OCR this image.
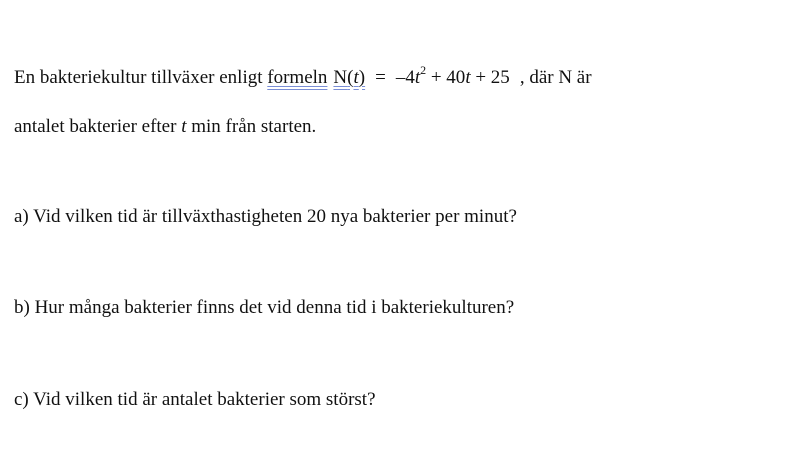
En bakteriekultur tillväxer enligt formeln $N(t) = -4t^2 + 40t + 25$ , där N är
antalet bakterier efter t min från starten.
a) Vid vilken tid är tillväxthastigheten 20 nya bakterier per minut?
b) Hur många bakterier finns det vid denna tid i bakteriekulturen?
c) Vid vilken tid är antalet bakterier som störst?
